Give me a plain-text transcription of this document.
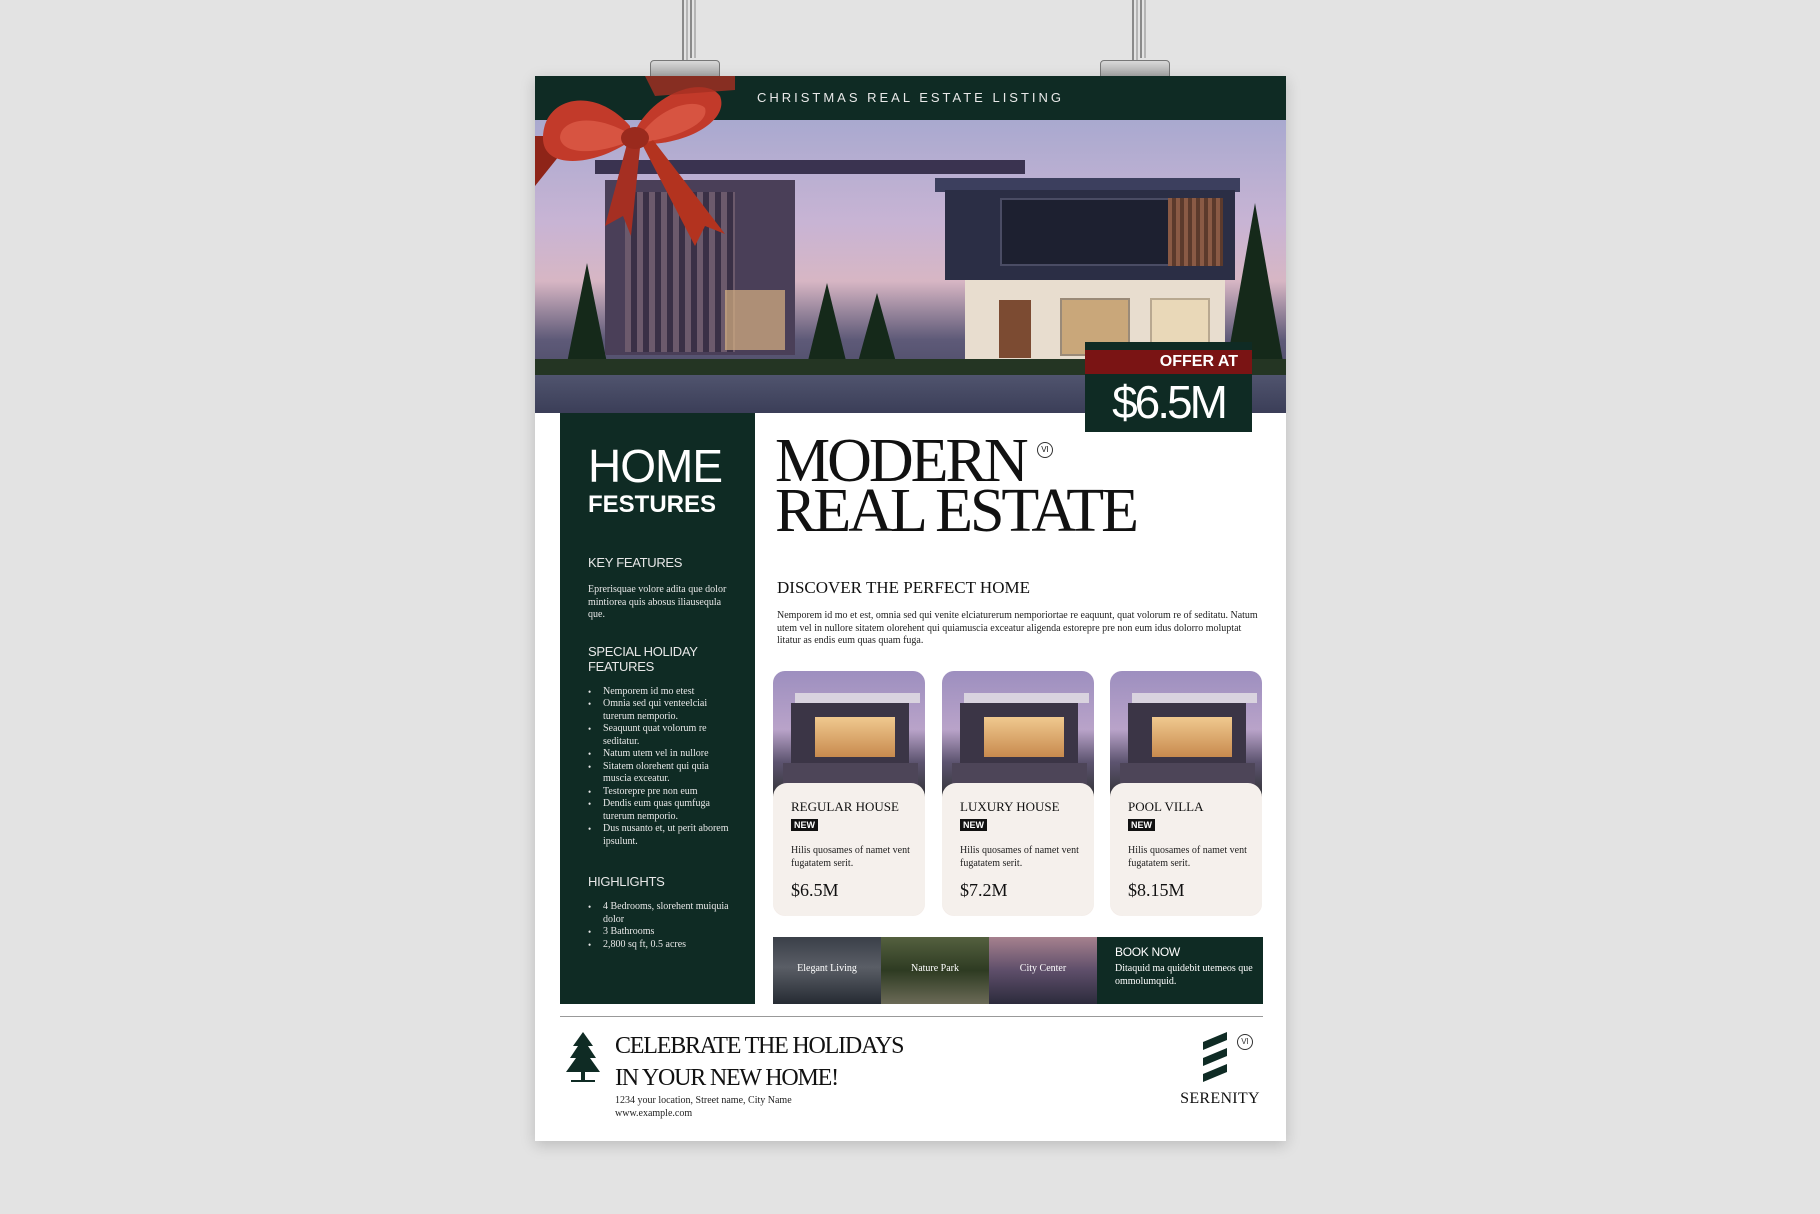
CHRISTMAS REAL ESTATE LISTING
OFFER AT
$6.5M
HOME
FESTURES
KEY FEATURES
Eprerisquae volore adita que dolor mintiorea quis abosus iliausequla que.
SPECIAL HOLIDAY FEATURES
• Nemporem id mo etest
• Omnia sed qui venteelciai turerum nemporio.
• Seaquunt quat volorum re seditatur.
• Natum utem vel in nullore
• Sitatem olorehent qui quia muscia exceatur.
• Testorepre pre non eum
• Dendis eum quas qumfuga turerum nemporio.
• Dus nusanto et, ut perit aborem ipsulunt.
HIGHLIGHTS
• 4 Bedrooms, slorehent muiquia dolor
• 3 Bathrooms
• 2,800 sq ft, 0.5 acres
MODERN
REAL ESTATE
VI
DISCOVER THE PERFECT HOME
Nemporem id mo et est, omnia sed qui venite elciaturerum nemporiortae re eaquunt, quat volorum re of seditatu. Natum utem vel in nullore sitatem olorehent qui quiamuscia exceatur aligenda estorepre pre non eum idus dolorro moluptat litatur as endis eum quas quam fuga.
REGULAR HOUSE
NEW
Hilis quosames of namet vent fugatatem serit.
$6.5M
LUXURY HOUSE
NEW
Hilis quosames of namet vent fugatatem serit.
$7.2M
POOL VILLA
NEW
Hilis quosames of namet vent fugatatem serit.
$8.15M
Elegant Living	Nature Park	City Center
BOOK NOW
Ditaquid ma quidebit utemeos que ommolumquid.
CELEBRATE THE HOLIDAYS
IN YOUR NEW HOME!
1234 your location, Street name, City Name
www.example.com
VI
SERENITY
